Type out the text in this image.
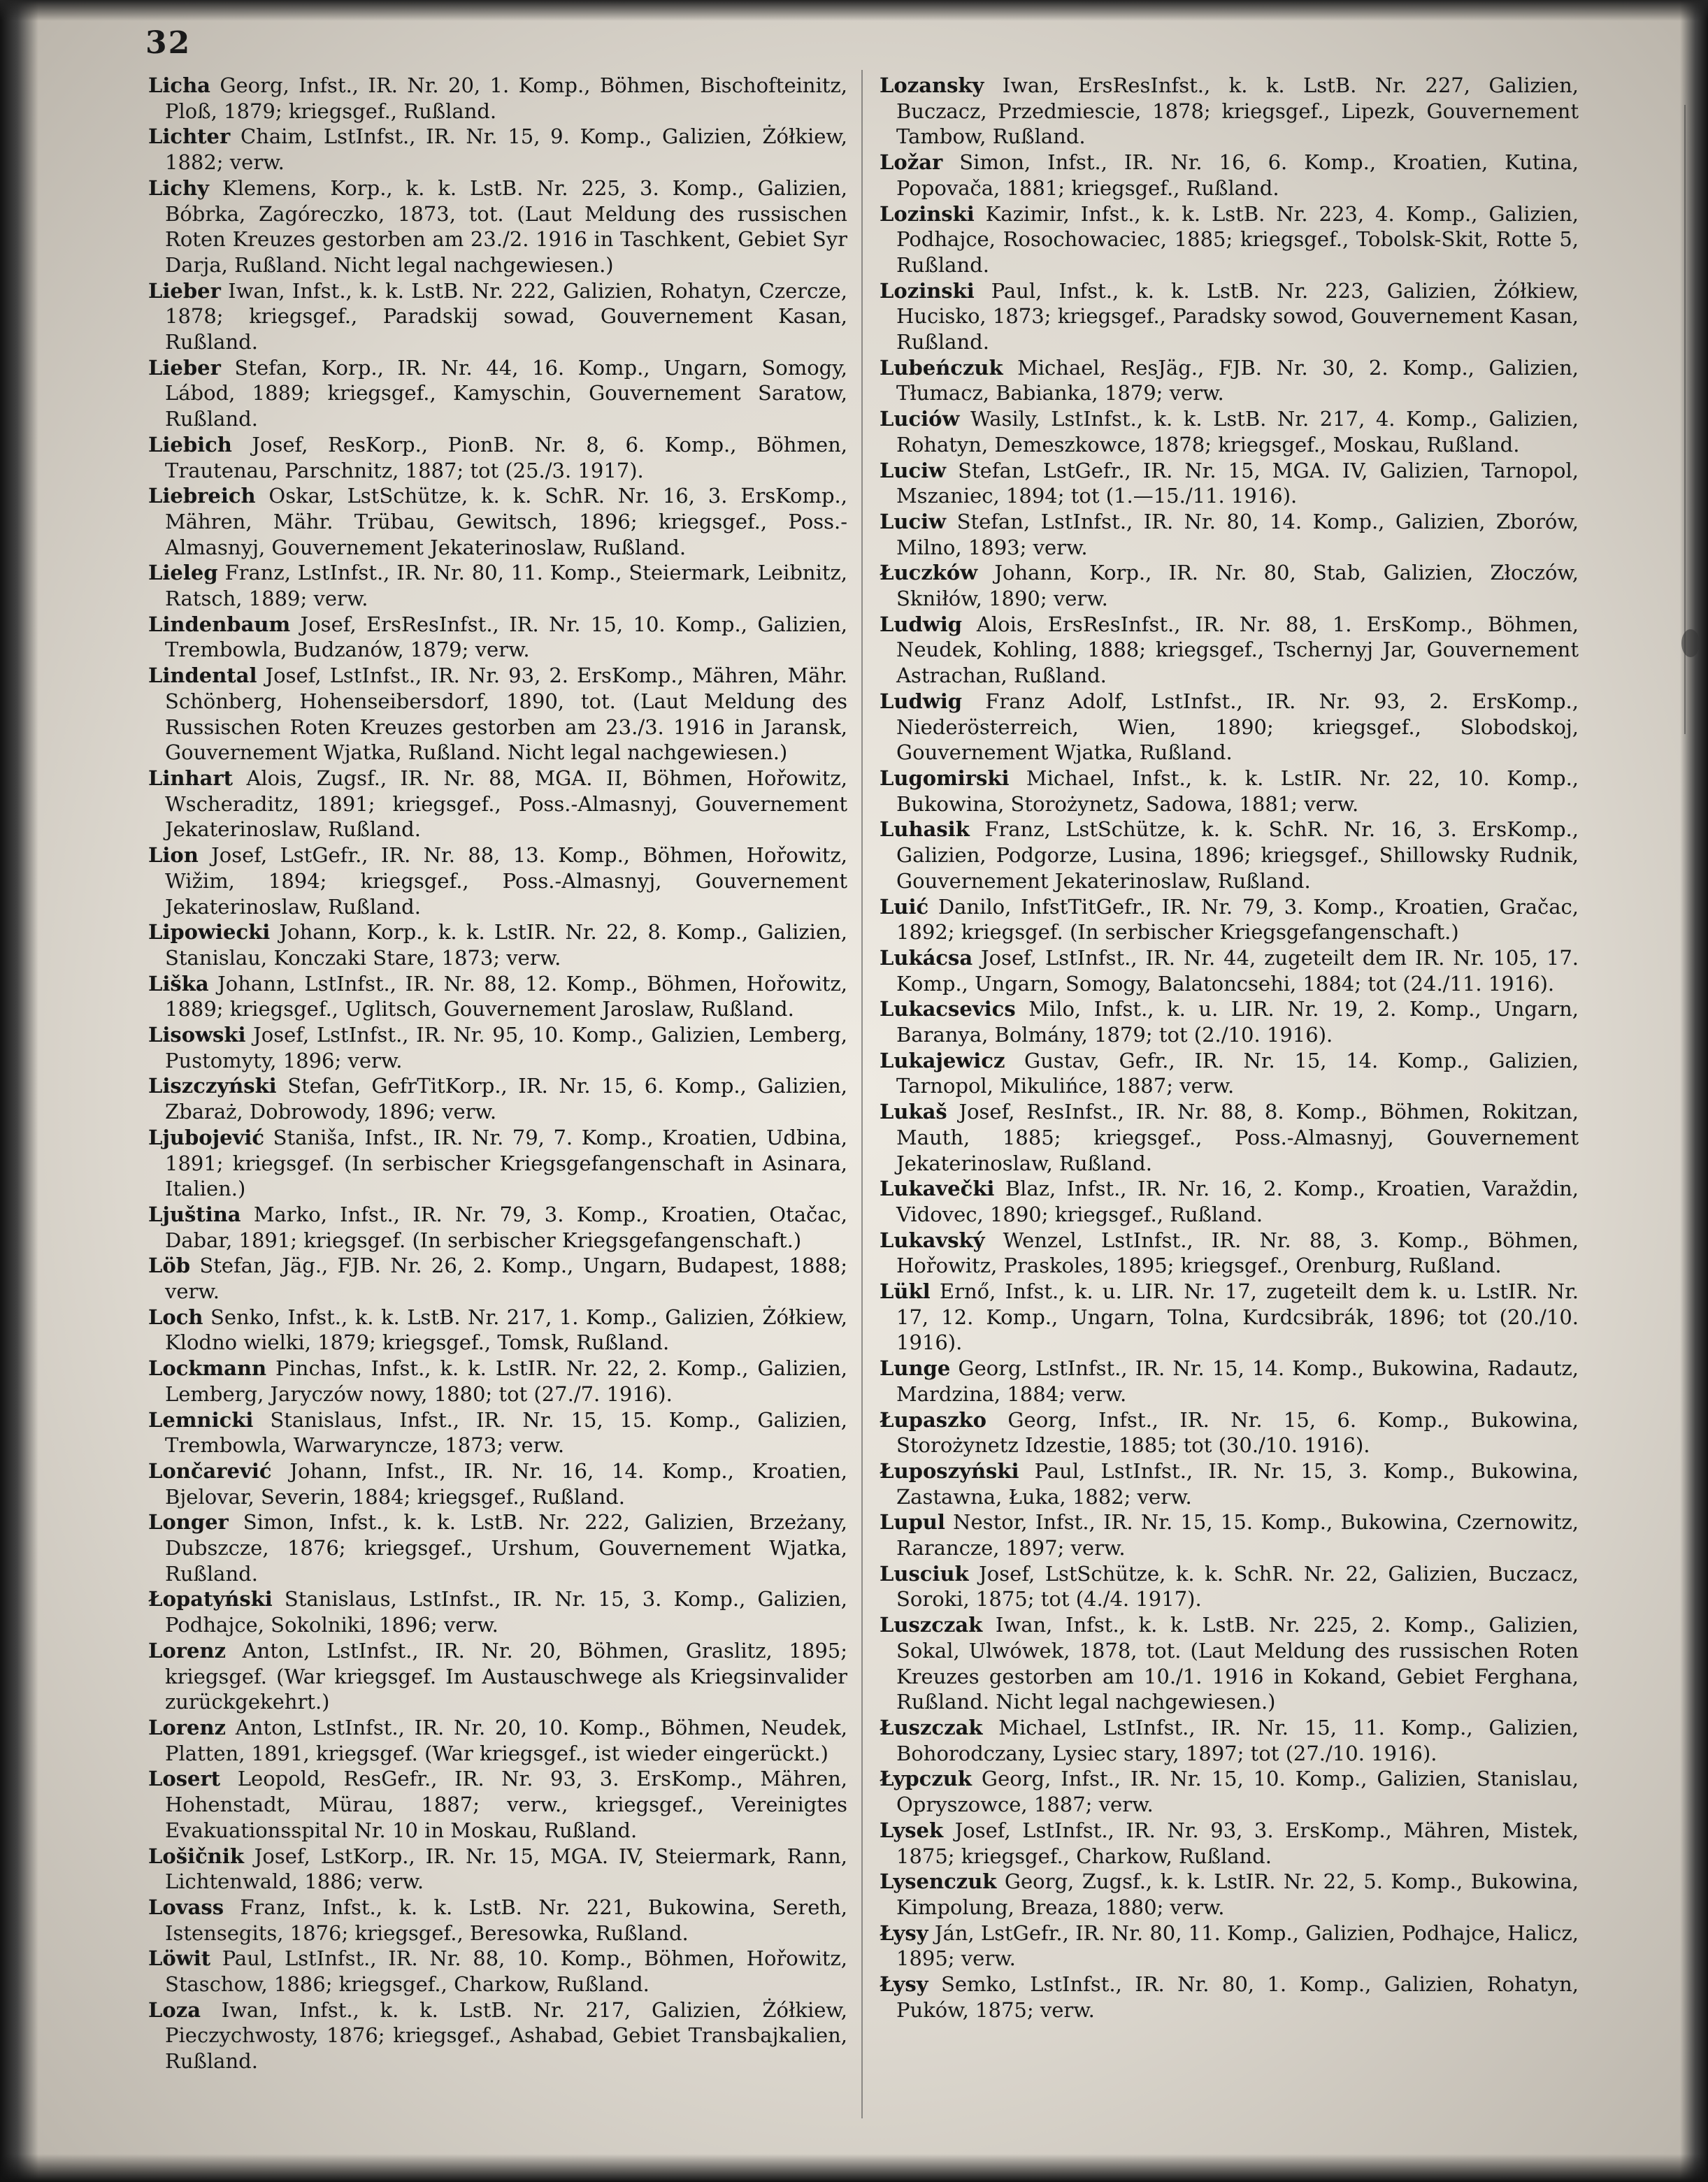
32
Licha Georg, Infst., IR. Nr. 20, 1. Komp., Böhmen, Bischofteinitz, Ploß, 1879; kriegsgef., Rußland.
Lichter Chaim, LstInfst., IR. Nr. 15, 9. Komp., Galizien, Żółkiew, 1882; verw.
Lichy Klemens, Korp., k. k. LstB. Nr. 225, 3. Komp., Galizien, Bóbrka, Zagóreczko, 1873, tot. (Laut Meldung des russischen Roten Kreuzes gestorben am 23./2. 1916 in Taschkent, Gebiet Syr Darja, Rußland. Nicht legal nachgewiesen.)
Lieber Iwan, Infst., k. k. LstB. Nr. 222, Galizien, Rohatyn, Czercze, 1878; kriegsgef., Paradskij sowad, Gouvernement Kasan, Rußland.
Lieber Stefan, Korp., IR. Nr. 44, 16. Komp., Ungarn, Somogy, Lábod, 1889; kriegsgef., Kamyschin, Gouvernement Saratow, Rußland.
Liebich Josef, ResKorp., PionB. Nr. 8, 6. Komp., Böhmen, Trautenau, Parschnitz, 1887; tot (25./3. 1917).
Liebreich Oskar, LstSchütze, k. k. SchR. Nr. 16, 3. ErsKomp., Mähren, Mähr. Trübau, Gewitsch, 1896; kriegsgef., Poss.-Almasnyj, Gouvernement Jekaterinoslaw, Rußland.
Lieleg Franz, LstInfst., IR. Nr. 80, 11. Komp., Steiermark, Leibnitz, Ratsch, 1889; verw.
Lindenbaum Josef, ErsResInfst., IR. Nr. 15, 10. Komp., Galizien, Trembowla, Budzanów, 1879; verw.
Lindental Josef, LstInfst., IR. Nr. 93, 2. ErsKomp., Mähren, Mähr. Schönberg, Hohenseibersdorf, 1890, tot. (Laut Meldung des Russischen Roten Kreuzes gestorben am 23./3. 1916 in Jaransk, Gouvernement Wjatka, Rußland. Nicht legal nachgewiesen.)
Linhart Alois, Zugsf., IR. Nr. 88, MGA. II, Böhmen, Hořowitz, Wscheraditz, 1891; kriegsgef., Poss.-Almasnyj, Gouvernement Jekaterinoslaw, Rußland.
Lion Josef, LstGefr., IR. Nr. 88, 13. Komp., Böhmen, Hořowitz, Wižim, 1894; kriegsgef., Poss.-Almasnyj, Gouvernement Jekaterinoslaw, Rußland.
Lipowiecki Johann, Korp., k. k. LstIR. Nr. 22, 8. Komp., Galizien, Stanislau, Konczaki Stare, 1873; verw.
Liška Johann, LstInfst., IR. Nr. 88, 12. Komp., Böhmen, Hořowitz, 1889; kriegsgef., Uglitsch, Gouvernement Jaroslaw, Rußland.
Lisowski Josef, LstInfst., IR. Nr. 95, 10. Komp., Galizien, Lemberg, Pustomyty, 1896; verw.
Liszczyński Stefan, GefrTitKorp., IR. Nr. 15, 6. Komp., Galizien, Zbaraż, Dobrowody, 1896; verw.
Ljubojević Staniša, Infst., IR. Nr. 79, 7. Komp., Kroatien, Udbina, 1891; kriegsgef. (In serbischer Kriegsgefangenschaft in Asinara, Italien.)
Ljuština Marko, Infst., IR. Nr. 79, 3. Komp., Kroatien, Otačac, Dabar, 1891; kriegsgef. (In serbischer Kriegsgefangenschaft.)
Löb Stefan, Jäg., FJB. Nr. 26, 2. Komp., Ungarn, Budapest, 1888; verw.
Loch Senko, Infst., k. k. LstB. Nr. 217, 1. Komp., Galizien, Żółkiew, Klodno wielki, 1879; kriegsgef., Tomsk, Rußland.
Lockmann Pinchas, Infst., k. k. LstIR. Nr. 22, 2. Komp., Galizien, Lemberg, Jaryczów nowy, 1880; tot (27./7. 1916).
Lemnicki Stanislaus, Infst., IR. Nr. 15, 15. Komp., Galizien, Trembowla, Warwaryncze, 1873; verw.
Lončarević Johann, Infst., IR. Nr. 16, 14. Komp., Kroatien, Bjelovar, Severin, 1884; kriegsgef., Rußland.
Longer Simon, Infst., k. k. LstB. Nr. 222, Galizien, Brzeżany, Dubszcze, 1876; kriegsgef., Urshum, Gouvernement Wjatka, Rußland.
Łopatyński Stanislaus, LstInfst., IR. Nr. 15, 3. Komp., Galizien, Podhajce, Sokolniki, 1896; verw.
Lorenz Anton, LstInfst., IR. Nr. 20, Böhmen, Graslitz, 1895; kriegsgef. (War kriegsgef. Im Austauschwege als Kriegsinvalider zurückgekehrt.)
Lorenz Anton, LstInfst., IR. Nr. 20, 10. Komp., Böhmen, Neudek, Platten, 1891, kriegsgef. (War kriegsgef., ist wieder eingerückt.)
Losert Leopold, ResGefr., IR. Nr. 93, 3. ErsKomp., Mähren, Hohenstadt, Mürau, 1887; verw., kriegsgef., Vereinigtes Evakuationsspital Nr. 10 in Moskau, Rußland.
Lošičnik Josef, LstKorp., IR. Nr. 15, MGA. IV, Steiermark, Rann, Lichtenwald, 1886; verw.
Lovass Franz, Infst., k. k. LstB. Nr. 221, Bukowina, Sereth, Istensegits, 1876; kriegsgef., Beresowka, Rußland.
Löwit Paul, LstInfst., IR. Nr. 88, 10. Komp., Böhmen, Hořowitz, Staschow, 1886; kriegsgef., Charkow, Rußland.
Loza Iwan, Infst., k. k. LstB. Nr. 217, Galizien, Żółkiew, Pieczychwosty, 1876; kriegsgef., Ashabad, Gebiet Transbajkalien, Rußland.
Lozansky Iwan, ErsResInfst., k. k. LstB. Nr. 227, Galizien, Buczacz, Przedmiescie, 1878; kriegsgef., Lipezk, Gouvernement Tambow, Rußland.
Ložar Simon, Infst., IR. Nr. 16, 6. Komp., Kroatien, Kutina, Popovača, 1881; kriegsgef., Rußland.
Lozinski Kazimir, Infst., k. k. LstB. Nr. 223, 4. Komp., Galizien, Podhajce, Rosochowaciec, 1885; kriegsgef., Tobolsk-Skit, Rotte 5, Rußland.
Lozinski Paul, Infst., k. k. LstB. Nr. 223, Galizien, Żółkiew, Hucisko, 1873; kriegsgef., Paradsky sowod, Gouvernement Kasan, Rußland.
Lubeńczuk Michael, ResJäg., FJB. Nr. 30, 2. Komp., Galizien, Tłumacz, Babianka, 1879; verw.
Luciów Wasily, LstInfst., k. k. LstB. Nr. 217, 4. Komp., Galizien, Rohatyn, Demeszkowce, 1878; kriegsgef., Moskau, Rußland.
Luciw Stefan, LstGefr., IR. Nr. 15, MGA. IV, Galizien, Tarnopol, Mszaniec, 1894; tot (1.—15./11. 1916).
Luciw Stefan, LstInfst., IR. Nr. 80, 14. Komp., Galizien, Zborów, Milno, 1893; verw.
Łuczków Johann, Korp., IR. Nr. 80, Stab, Galizien, Złoczów, Skniłów, 1890; verw.
Ludwig Alois, ErsResInfst., IR. Nr. 88, 1. ErsKomp., Böhmen, Neudek, Kohling, 1888; kriegsgef., Tschernyj Jar, Gouvernement Astrachan, Rußland.
Ludwig Franz Adolf, LstInfst., IR. Nr. 93, 2. ErsKomp., Niederösterreich, Wien, 1890; kriegsgef., Slobodskoj, Gouvernement Wjatka, Rußland.
Lugomirski Michael, Infst., k. k. LstIR. Nr. 22, 10. Komp., Bukowina, Storożynetz, Sadowa, 1881; verw.
Luhasik Franz, LstSchütze, k. k. SchR. Nr. 16, 3. ErsKomp., Galizien, Podgorze, Lusina, 1896; kriegsgef., Shillowsky Rudnik, Gouvernement Jekaterinoslaw, Rußland.
Luić Danilo, InfstTitGefr., IR. Nr. 79, 3. Komp., Kroatien, Gračac, 1892; kriegsgef. (In serbischer Kriegsgefangenschaft.)
Lukácsa Josef, LstInfst., IR. Nr. 44, zugeteilt dem IR. Nr. 105, 17. Komp., Ungarn, Somogy, Balatoncsehi, 1884; tot (24./11. 1916).
Lukacsevics Milo, Infst., k. u. LIR. Nr. 19, 2. Komp., Ungarn, Baranya, Bolmány, 1879; tot (2./10. 1916).
Lukajewicz Gustav, Gefr., IR. Nr. 15, 14. Komp., Galizien, Tarnopol, Mikulińce, 1887; verw.
Lukaš Josef, ResInfst., IR. Nr. 88, 8. Komp., Böhmen, Rokitzan, Mauth, 1885; kriegsgef., Poss.-Almasnyj, Gouvernement Jekaterinoslaw, Rußland.
Lukavečki Blaz, Infst., IR. Nr. 16, 2. Komp., Kroatien, Varaždin, Vidovec, 1890; kriegsgef., Rußland.
Lukavský Wenzel, LstInfst., IR. Nr. 88, 3. Komp., Böhmen, Hořowitz, Praskoles, 1895; kriegsgef., Orenburg, Rußland.
Lükl Ernő, Infst., k. u. LIR. Nr. 17, zugeteilt dem k. u. LstIR. Nr. 17, 12. Komp., Ungarn, Tolna, Kurdcsibrák, 1896; tot (20./10. 1916).
Lunge Georg, LstInfst., IR. Nr. 15, 14. Komp., Bukowina, Radautz, Mardzina, 1884; verw.
Łupaszko Georg, Infst., IR. Nr. 15, 6. Komp., Bukowina, Storożynetz Idzestie, 1885; tot (30./10. 1916).
Łuposzyński Paul, LstInfst., IR. Nr. 15, 3. Komp., Bukowina, Zastawna, Łuka, 1882; verw.
Lupul Nestor, Infst., IR. Nr. 15, 15. Komp., Bukowina, Czernowitz, Rarancze, 1897; verw.
Lusciuk Josef, LstSchütze, k. k. SchR. Nr. 22, Galizien, Buczacz, Soroki, 1875; tot (4./4. 1917).
Luszczak Iwan, Infst., k. k. LstB. Nr. 225, 2. Komp., Galizien, Sokal, Ulwówek, 1878, tot. (Laut Meldung des russischen Roten Kreuzes gestorben am 10./1. 1916 in Kokand, Gebiet Ferghana, Rußland. Nicht legal nachgewiesen.)
Łuszczak Michael, LstInfst., IR. Nr. 15, 11. Komp., Galizien, Bohorodczany, Lysiec stary, 1897; tot (27./10. 1916).
Łypczuk Georg, Infst., IR. Nr. 15, 10. Komp., Galizien, Stanislau, Opryszowce, 1887; verw.
Lysek Josef, LstInfst., IR. Nr. 93, 3. ErsKomp., Mähren, Mistek, 1875; kriegsgef., Charkow, Rußland.
Lysenczuk Georg, Zugsf., k. k. LstIR. Nr. 22, 5. Komp., Bukowina, Kimpolung, Breaza, 1880; verw.
Łysy Ján, LstGefr., IR. Nr. 80, 11. Komp., Galizien, Podhajce, Halicz, 1895; verw.
Łysy Semko, LstInfst., IR. Nr. 80, 1. Komp., Galizien, Rohatyn, Puków, 1875; verw.
